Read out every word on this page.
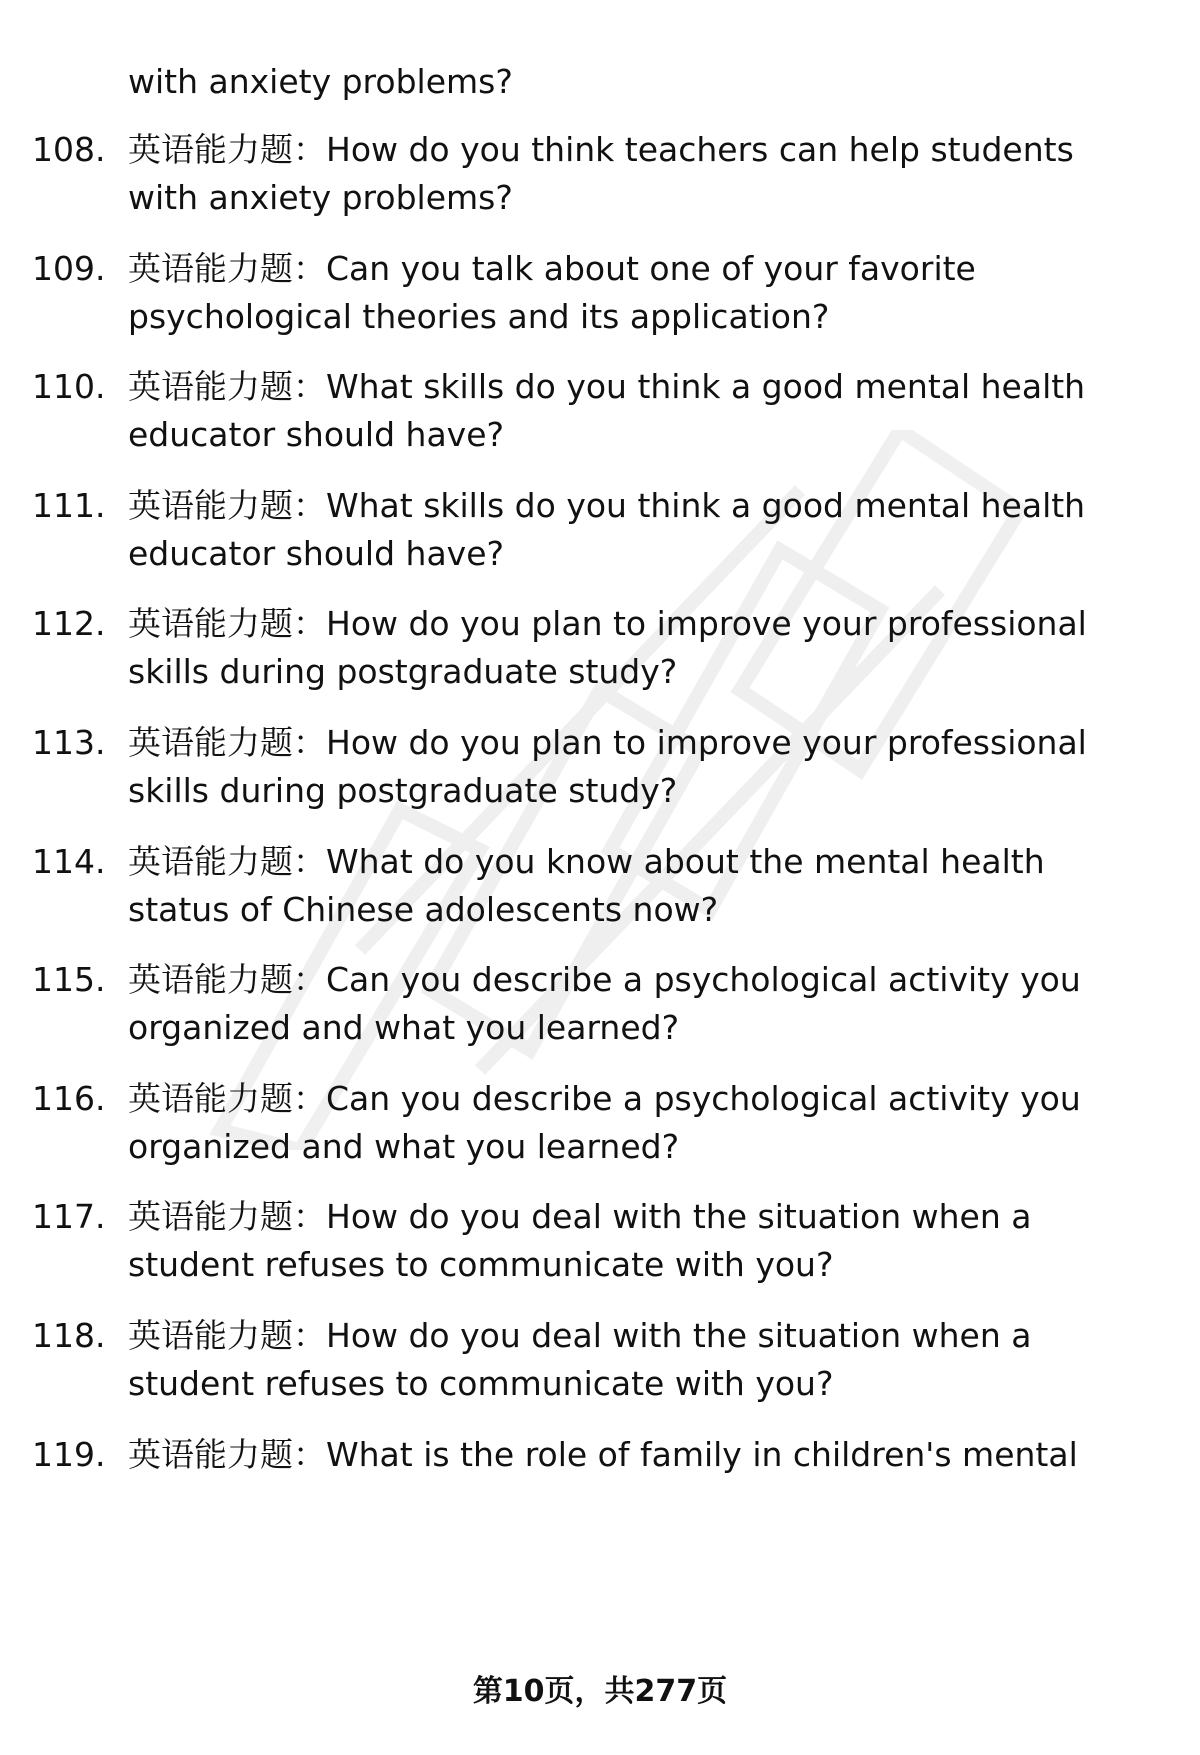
with anxiety problems?
108. 英语能力题：How do you think teachers can help students
with anxiety problems?
109. 英语能力题：Can you talk about one of your favorite
psychological theories and its application?
110. 英语能力题：What skills do you think a good mental health
educator should have?
111. 英语能力题：What skills do you think a good mental health
educator should have?
112. 英语能力题：How do you plan to improve your professional
skills during postgraduate study?
113. 英语能力题：How do you plan to improve your professional
skills during postgraduate study?
114. 英语能力题：What do you know about the mental health
status of Chinese adolescents now?
115. 英语能力题：Can you describe a psychological activity you
organized and what you learned?
116. 英语能力题：Can you describe a psychological activity you
organized and what you learned?
117. 英语能力题：How do you deal with the situation when a
student refuses to communicate with you?
118. 英语能力题：How do you deal with the situation when a
student refuses to communicate with you?
119. 英语能力题：What is the role of family in children's mental
第10页，共277页
